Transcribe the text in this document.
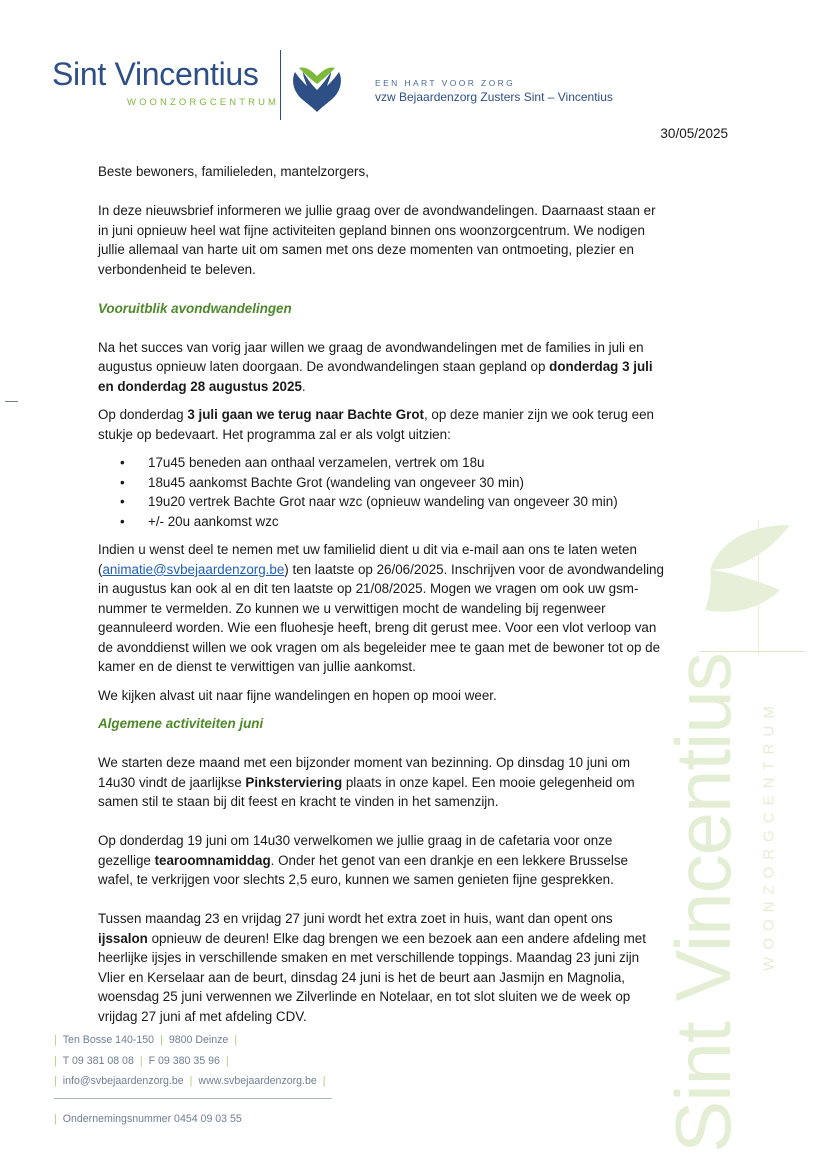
Sint Vincentius
WOONZORGCENTRUM
EEN HART VOOR ZORG
vzw Bejaardenzorg Zusters Sint – Vincentius
30/05/2025

Beste bewoners, familieleden, mantelzorgers,

In deze nieuwsbrief informeren we jullie graag over de avondwandelingen. Daarnaast staan er in juni opnieuw heel wat fijne activiteiten gepland binnen ons woonzorgcentrum. We nodigen jullie allemaal van harte uit om samen met ons deze momenten van ontmoeting, plezier en verbondenheid te beleven.

Vooruitblik avondwandelingen

Na het succes van vorig jaar willen we graag de avondwandelingen met de families in juli en augustus opnieuw laten doorgaan. De avondwandelingen staan gepland op donderdag 3 juli en donderdag 28 augustus 2025.

Op donderdag 3 juli gaan we terug naar Bachte Grot, op deze manier zijn we ook terug een stukje op bedevaart. Het programma zal er als volgt uitzien:

• 17u45 beneden aan onthaal verzamelen, vertrek om 18u
• 18u45 aankomst Bachte Grot (wandeling van ongeveer 30 min)
• 19u20 vertrek Bachte Grot naar wzc (opnieuw wandeling van ongeveer 30 min)
• +/- 20u aankomst wzc

Indien u wenst deel te nemen met uw familielid dient u dit via e-mail aan ons te laten weten (animatie@svbejaardenzorg.be) ten laatste op 26/06/2025. Inschrijven voor de avondwandeling in augustus kan ook al en dit ten laatste op 21/08/2025. Mogen we vragen om ook uw gsm-nummer te vermelden. Zo kunnen we u verwittigen mocht de wandeling bij regenweer geannuleerd worden. Wie een fluohesje heeft, breng dit gerust mee. Voor een vlot verloop van de avonddienst willen we ook vragen om als begeleider mee te gaan met de bewoner tot op de kamer en de dienst te verwittigen van jullie aankomst.

We kijken alvast uit naar fijne wandelingen en hopen op mooi weer.

Algemene activiteiten juni

We starten deze maand met een bijzonder moment van bezinning. Op dinsdag 10 juni om 14u30 vindt de jaarlijkse Pinksterviering plaats in onze kapel. Een mooie gelegenheid om samen stil te staan bij dit feest en kracht te vinden in het samenzijn.

Op donderdag 19 juni om 14u30 verwelkomen we jullie graag in de cafetaria voor onze gezellige tearoomnamiddag. Onder het genot van een drankje en een lekkere Brusselse wafel, te verkrijgen voor slechts 2,5 euro, kunnen we samen genieten fijne gesprekken.

Tussen maandag 23 en vrijdag 27 juni wordt het extra zoet in huis, want dan opent ons ijssalon opnieuw de deuren! Elke dag brengen we een bezoek aan een andere afdeling met heerlijke ijsjes in verschillende smaken en met verschillende toppings. Maandag 23 juni zijn Vlier en Kerselaar aan de beurt, dinsdag 24 juni is het de beurt aan Jasmijn en Magnolia, woensdag 25 juni verwennen we Zilverlinde en Notelaar, en tot slot sluiten we de week op vrijdag 27 juni af met afdeling CDV.	Sint Vincentius WOONZORGCENTRUM
| Ten Bosse 140-150 | 9800 Deinze |
| T 09 381 08 08 | F 09 380 35 96 |
| info@svbejaardenzorg.be | www.svbejaardenzorg.be |
| Ondernemingsnummer 0454 09 03 55
